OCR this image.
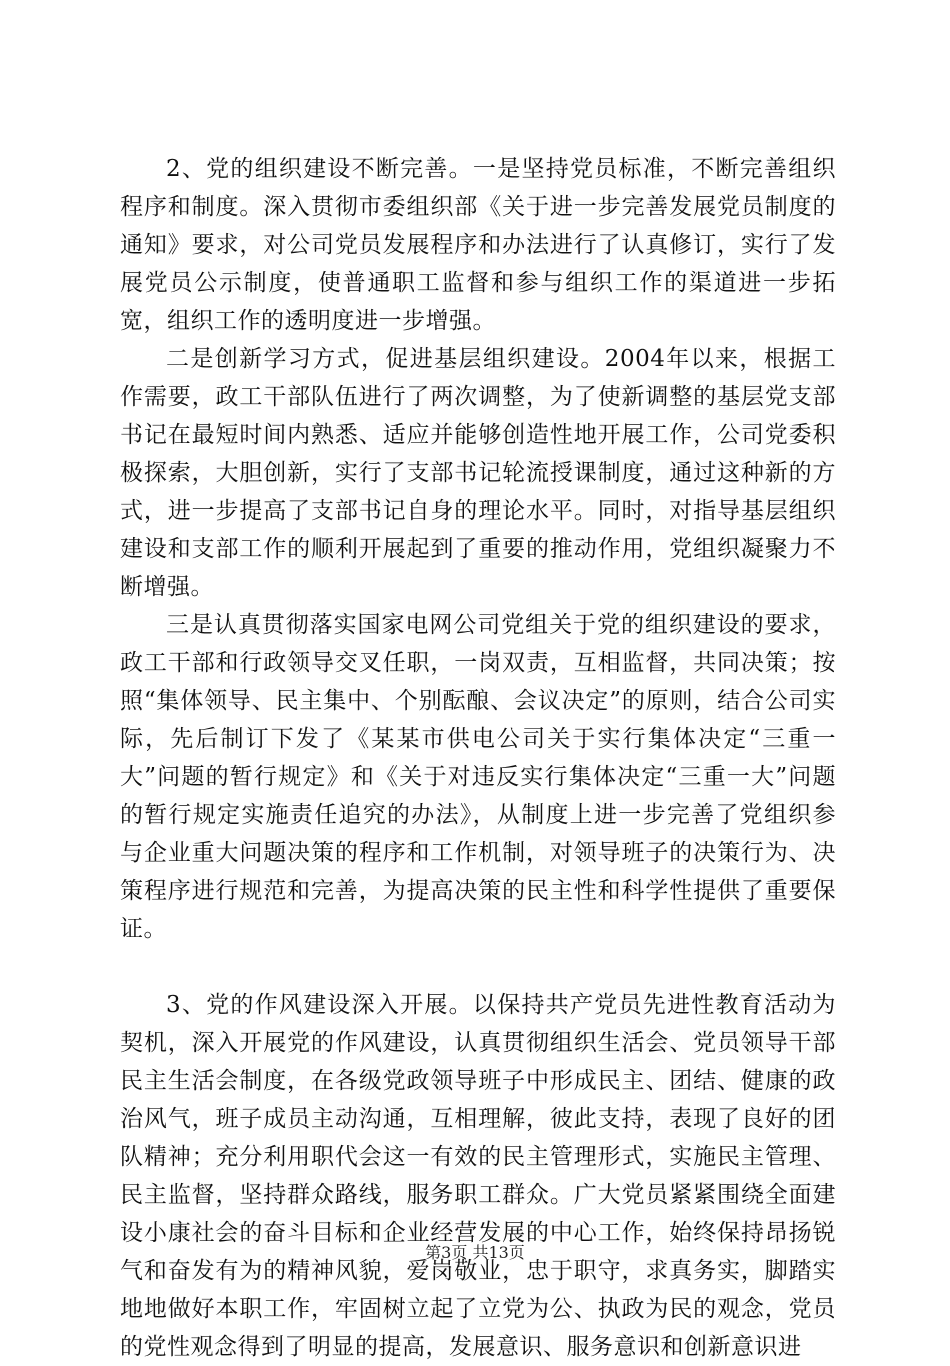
2、党的组织建设不断完善。一是坚持党员标准，不断完善组织程序和制度。深入贯彻市委组织部《关于进一步完善发展党员制度的通知》要求，对公司党员发展程序和办法进行了认真修订，实行了发展党员公示制度，使普通职工监督和参与组织工作的渠道进一步拓宽，组织工作的透明度进一步增强。

二是创新学习方式，促进基层组织建设。2004年以来，根据工作需要，政工干部队伍进行了两次调整，为了使新调整的基层党支部书记在最短时间内熟悉、适应并能够创造性地开展工作，公司党委积极探索，大胆创新，实行了支部书记轮流授课制度，通过这种新的方式，进一步提高了支部书记自身的理论水平。同时，对指导基层组织建设和支部工作的顺利开展起到了重要的推动作用，党组织凝聚力不断增强。

三是认真贯彻落实国家电网公司党组关于党的组织建设的要求，政工干部和行政领导交叉任职，一岗双责，互相监督，共同决策；按照“集体领导、民主集中、个别酝酿、会议决定”的原则，结合公司实际，先后制订下发了《某某市供电公司关于实行集体决定“三重一大”问题的暂行规定》和《关于对违反实行集体决定“三重一大”问题的暂行规定实施责任追究的办法》，从制度上进一步完善了党组织参与企业重大问题决策的程序和工作机制，对领导班子的决策行为、决策程序进行规范和完善，为提高决策的民主性和科学性提供了重要保证。

3、党的作风建设深入开展。以保持共产党员先进性教育活动为契机，深入开展党的作风建设，认真贯彻组织生活会、党员领导干部民主生活会制度，在各级党政领导班子中形成民主、团结、健康的政治风气，班子成员主动沟通，互相理解，彼此支持，表现了良好的团队精神；充分利用职代会这一有效的民主管理形式，实施民主管理、民主监督，坚持群众路线，服务职工群众。广大党员紧紧围绕全面建设小康社会的奋斗目标和企业经营发展的中心工作，始终保持昂扬锐气和奋发有为的精神风貌，爱岗敬业，忠于职守，求真务实，脚踏实地地做好本职工作，牢固树立起了立党为公、执政为民的观念，党员的党性观念得到了明显的提高，发展意识、服务意识和创新意识进

第3页 共13页
